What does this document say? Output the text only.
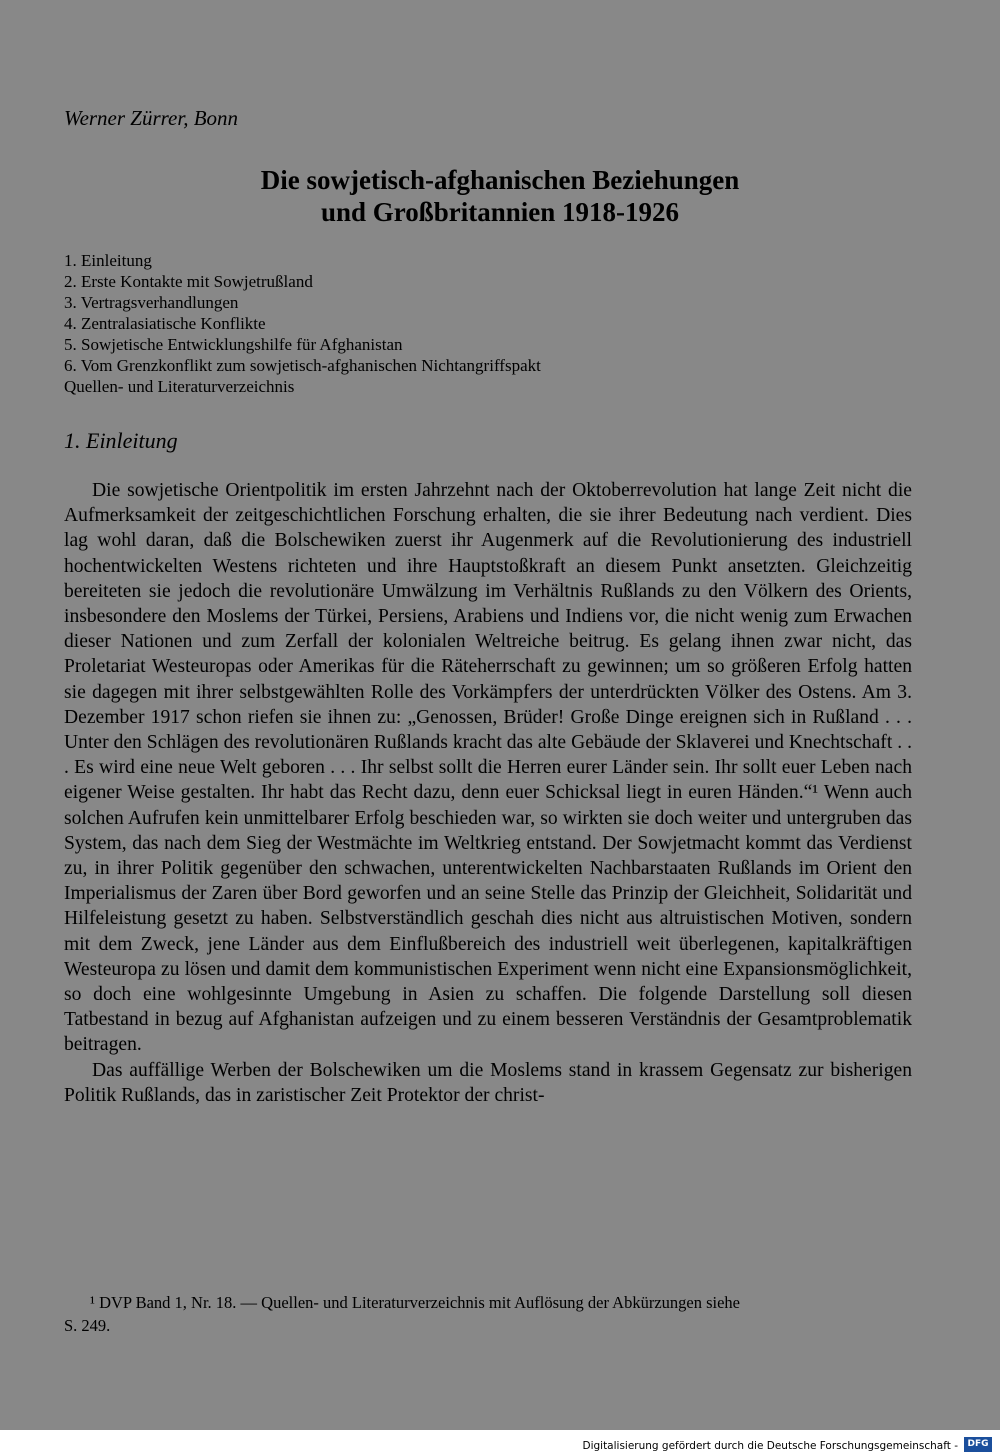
Werner Zürrer, Bonn
Die sowjetisch-afghanischen Beziehungen
und Großbritannien 1918-1926
1. Einleitung
2. Erste Kontakte mit Sowjetrußland
3. Vertragsverhandlungen
4. Zentralasiatische Konflikte
5. Sowjetische Entwicklungshilfe für Afghanistan
6. Vom Grenzkonflikt zum sowjetisch-afghanischen Nichtangriffspakt
Quellen- und Literaturverzeichnis
1. Einleitung

Die sowjetische Orientpolitik im ersten Jahrzehnt nach der Oktoberrevolution hat lange Zeit nicht die Aufmerksamkeit der zeitgeschichtlichen Forschung erhalten, die sie ihrer Bedeutung nach verdient. Dies lag wohl daran, daß die Bolschewiken zuerst ihr Augenmerk auf die Revolutionierung des industriell hochentwickelten Westens richteten und ihre Hauptstoßkraft an diesem Punkt ansetzten. Gleichzeitig bereiteten sie jedoch die revolutionäre Umwälzung im Verhältnis Rußlands zu den Völkern des Orients, insbesondere den Moslems der Türkei, Persiens, Arabiens und Indiens vor, die nicht wenig zum Erwachen dieser Nationen und zum Zerfall der kolonialen Weltreiche beitrug. Es gelang ihnen zwar nicht, das Proletariat Westeuropas oder Amerikas für die Räteherrschaft zu gewinnen; um so größeren Erfolg hatten sie dagegen mit ihrer selbstgewählten Rolle des Vorkämpfers der unterdrückten Völker des Ostens. Am 3. Dezember 1917 schon riefen sie ihnen zu: „Genossen, Brüder! Große Dinge ereignen sich in Rußland . . . Unter den Schlägen des revolutionären Rußlands kracht das alte Gebäude der Sklaverei und Knechtschaft . . . Es wird eine neue Welt geboren . . . Ihr selbst sollt die Herren eurer Länder sein. Ihr sollt euer Leben nach eigener Weise gestalten. Ihr habt das Recht dazu, denn euer Schicksal liegt in euren Händen.“¹ Wenn auch solchen Aufrufen kein unmittelbarer Erfolg beschieden war, so wirkten sie doch weiter und untergruben das System, das nach dem Sieg der Westmächte im Weltkrieg entstand. Der Sowjetmacht kommt das Verdienst zu, in ihrer Politik gegenüber den schwachen, unterentwickelten Nachbarstaaten Rußlands im Orient den Imperialismus der Zaren über Bord geworfen und an seine Stelle das Prinzip der Gleichheit, Solidarität und Hilfeleistung gesetzt zu haben. Selbstverständlich geschah dies nicht aus altruistischen Motiven, sondern mit dem Zweck, jene Länder aus dem Einflußbereich des industriell weit überlegenen, kapitalkräftigen Westeuropa zu lösen und damit dem kommunistischen Experiment wenn nicht eine Expansionsmöglichkeit, so doch eine wohlgesinnte Umgebung in Asien zu schaffen. Die folgende Darstellung soll diesen Tatbestand in bezug auf Afghanistan aufzeigen und zu einem besseren Verständnis der Gesamtproblematik beitragen.

Das auffällige Werben der Bolschewiken um die Moslems stand in krassem Gegensatz zur bisherigen Politik Rußlands, das in zaristischer Zeit Protektor der christ-

¹ DVP Band 1, Nr. 18. — Quellen- und Literaturverzeichnis mit Auflösung der Abkürzungen siehe
S. 249.
Digitalisierung gefördert durch die Deutsche Forschungsgemeinschaft -	DFG
